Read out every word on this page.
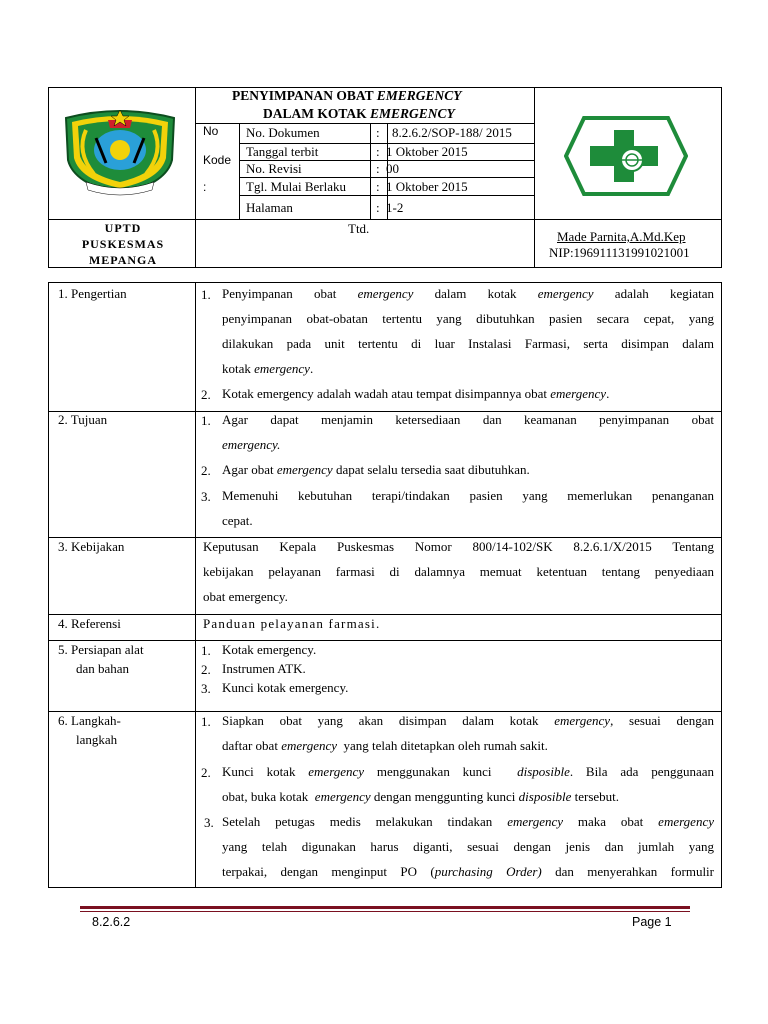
PENYIMPANAN OBAT EMERGENCY
DALAM KOTAK EMERGENCY
No
Kode
:
No. Dokumen	: 8.2.6.2/SOP-188/ 2015
Tanggal terbit	: 1 Oktober 2015
No. Revisi	: 00
Tgl. Mulai Berlaku : 1 Oktober 2015
Halaman	: 1-2
UPTD
PUSKESMAS
MEPANGA
Ttd.
Made Parnita,A.Md.Kep
NIP:196911131991021001
1. Pengertian	1. Penyimpanan obat emergency dalam kotak emergency adalah kegiatan
penyimpanan obat-obatan tertentu yang dibutuhkan pasien secara cepat, yang
dilakukan pada unit tertentu di luar Instalasi Farmasi, serta disimpan dalam
kotak emergency.
2. Kotak emergency adalah wadah atau tempat disimpannya obat emergency.
2. Tujuan	1. Agar dapat menjamin ketersediaan dan keamanan penyimpanan obat
emergency.
2. Agar obat emergency dapat selalu tersedia saat dibutuhkan.
3. Memenuhi kebutuhan terapi/tindakan pasien yang memerlukan penanganan
cepat.
3. Kebijakan	Keputusan Kepala Puskesmas Nomor 800/14-102/SK 8.2.6.1/X/2015 Tentang
kebijakan pelayanan farmasi di dalamnya memuat ketentuan tentang penyediaan
obat emergency.
4. Referensi	Panduan pelayanan farmasi.
5. Persiapan alat
dan bahan
1. Kotak emergency.
2. Instrumen ATK.
3. Kunci kotak emergency.
6. Langkah-
langkah
1. Siapkan obat yang akan disimpan dalam kotak emergency, sesuai dengan
daftar obat emergency  yang telah ditetapkan oleh rumah sakit.
2. Kunci kotak emergency menggunakan kunci  disposible. Bila ada penggunaan
obat, buka kotak  emergency dengan menggunting kunci disposible tersebut.
3. Setelah petugas medis melakukan tindakan emergency maka obat emergency
yang telah digunakan harus diganti, sesuai dengan jenis dan jumlah yang
terpakai, dengan menginput PO (purchasing Order) dan menyerahkan formulir
8.2.6.2	Page 1
